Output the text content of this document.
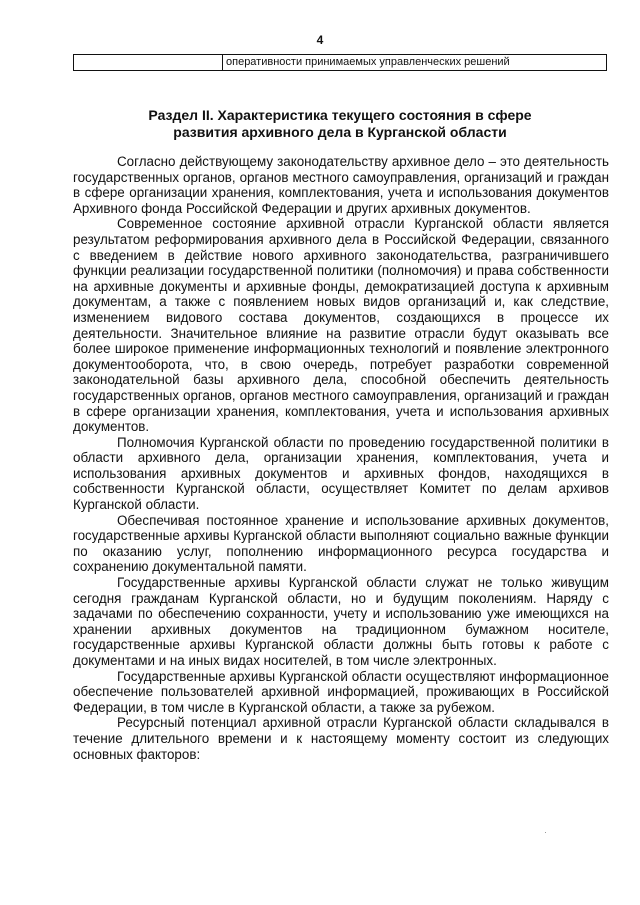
4
оперативности принимаемых управленческих решений
Раздел II. Характеристика текущего состояния в сфере
развития архивного дела в Курганской области

Согласно действующему законодательству архивное дело – это деятельность государственных органов, органов местного самоуправления, организаций и граждан в сфере организации хранения, комплектования, учета и использования документов Архивного фонда Российской Федерации и других архивных документов.

Современное состояние архивной отрасли Курганской области является результатом реформирования архивного дела в Российской Федерации, связанного с введением в действие нового архивного законодательства, разграничившего функции реализации государственной политики (полномочия) и права собственности на архивные документы и архивные фонды, демократизацией доступа к архивным документам, а также с появлением новых видов организаций и, как следствие, изменением видового состава документов, создающихся в процессе их деятельности. Значительное влияние на развитие отрасли будут оказывать все более широкое применение информационных технологий и появление электронного документооборота, что, в свою очередь, потребует разработки современной законодательной базы архивного дела, способной обеспечить деятельность государственных органов, органов местного самоуправления, организаций и граждан в сфере организации хранения, комплектования, учета и использования архивных документов.

Полномочия Курганской области по проведению государственной политики в области архивного дела, организации хранения, комплектования, учета и использования архивных документов и архивных фондов, находящихся в собственности Курганской области, осуществляет Комитет по делам архивов Курганской области.

Обеспечивая постоянное хранение и использование архивных документов, государственные архивы Курганской области выполняют социально важные функции по оказанию услуг, пополнению информационного ресурса государства и сохранению документальной памяти.

Государственные архивы Курганской области служат не только живущим сегодня гражданам Курганской области, но и будущим поколениям. Наряду с задачами по обеспечению сохранности, учету и использованию уже имеющихся на хранении архивных документов на традиционном бумажном носителе, государственные архивы Курганской области должны быть готовы к работе с документами и на иных видах носителей, в том числе электронных.

Государственные архивы Курганской области осуществляют информационное обеспечение пользователей архивной информацией, проживающих в Российской Федерации, в том числе в Курганской области, а также за рубежом.

Ресурсный потенциал архивной отрасли Курганской области складывался в течение длительного времени и к настоящему моменту состоит из следующих основных факторов:
